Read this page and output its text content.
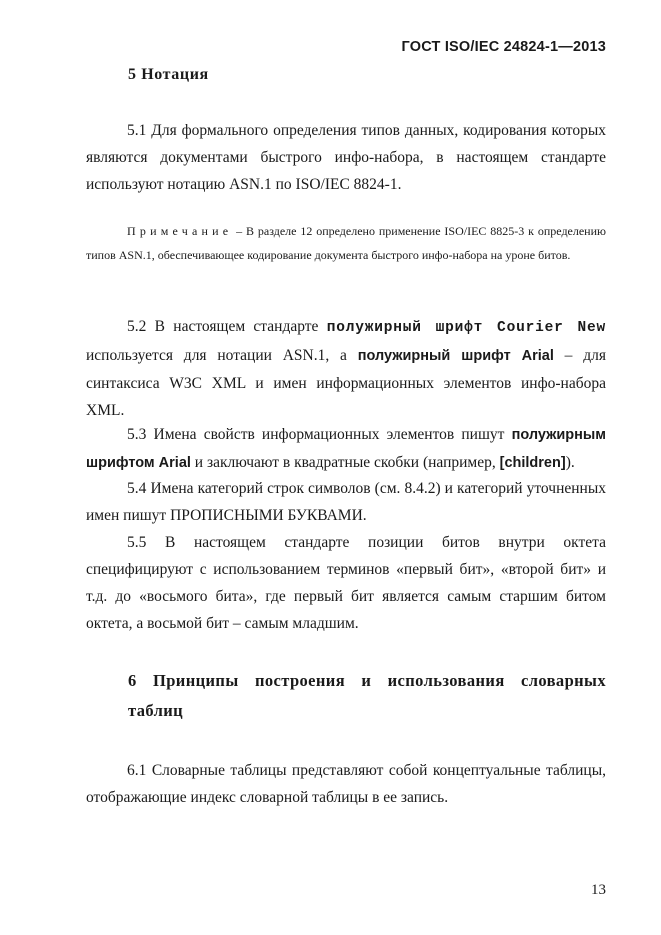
ГОСТ ISO/IEC 24824-1—2013
5 Нотация

5.1 Для формального определения типов данных, кодирования которых являются документами быстрого инфо-набора, в настоящем стандарте используют нотацию ASN.1 по ISO/IEC 8824-1.

Примечание – В разделе 12 определено применение ISO/IEC 8825-3 к определению типов ASN.1, обеспечивающее кодирование документа быстрого инфо-набора на уроне битов.

5.2 В настоящем стандарте полужирный шрифт Courier New используется для нотации ASN.1, а полужирный шрифт Arial – для синтаксиса W3C XML и имен информационных элементов инфо-набора XML.

5.3 Имена свойств информационных элементов пишут полужирным шрифтом Arial и заключают в квадратные скобки (например, [children]).

5.4 Имена категорий строк символов (см. 8.4.2) и категорий уточненных имен пишут ПРОПИСНЫМИ БУКВАМИ.

5.5 В настоящем стандарте позиции битов внутри октета специфицируют с использованием терминов «первый бит», «второй бит» и т.д. до «восьмого бита», где первый бит является самым старшим битом октета, а восьмой бит – самым младшим.

6 Принципы построения и использования словарных таблиц

6.1 Словарные таблицы представляют собой концептуальные таблицы, отображающие индекс словарной таблицы в ее запись.

13
